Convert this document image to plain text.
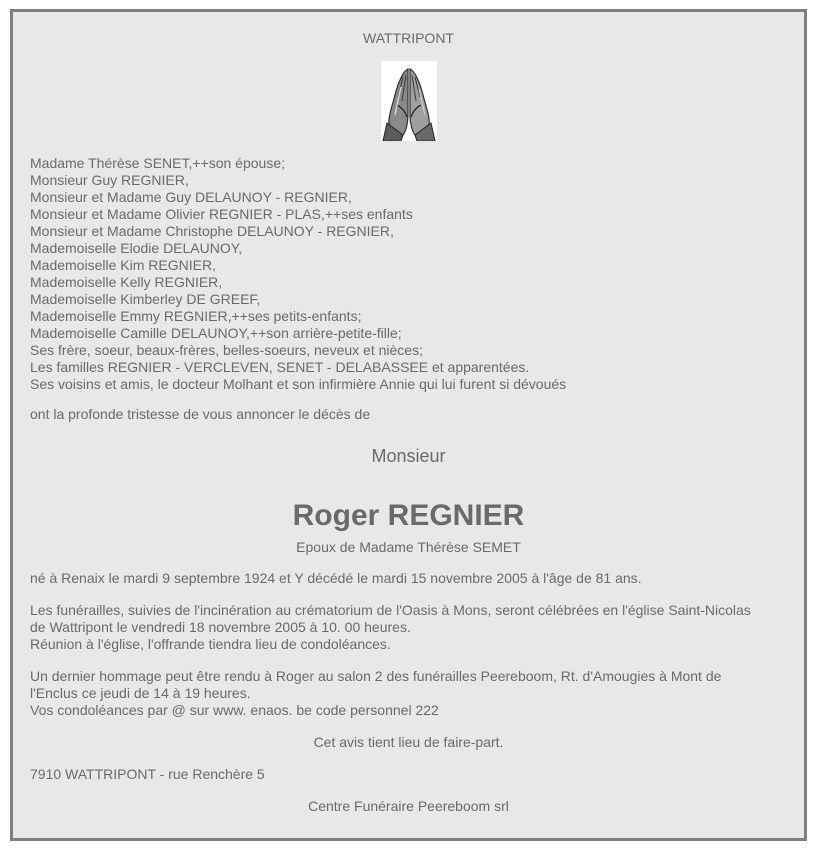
WATTRIPONT
Madame Thérèse SENET,++son épouse;
Monsieur Guy REGNIER,
Monsieur et Madame Guy DELAUNOY - REGNIER,
Monsieur et Madame Olivier REGNIER - PLAS,++ses enfants
Monsieur et Madame Christophe DELAUNOY - REGNIER,
Mademoiselle Elodie DELAUNOY,
Mademoiselle Kim REGNIER,
Mademoiselle Kelly REGNIER,
Mademoiselle Kimberley DE GREEF,
Mademoiselle Emmy REGNIER,++ses petits-enfants;
Mademoiselle Camille DELAUNOY,++son arrière-petite-fille;
Ses frère, soeur, beaux-frères, belles-soeurs, neveux et nièces;
Les familles REGNIER - VERCLEVEN, SENET - DELABASSEE et apparentées.
Ses voisins et amis, le docteur Molhant et son infirmière Annie qui lui furent si dévoués
ont la profonde tristesse de vous annoncer le décès de
Monsieur
Roger REGNIER
Epoux de Madame Thérèse SEMET
né à Renaix le mardi 9 septembre 1924 et Y décédé le mardi 15 novembre 2005 à l'âge de 81 ans.
Les funérailles, suivies de l'incinération au crématorium de l'Oasis à Mons, seront célébrées en l'église Saint-Nicolas
de Wattripont le vendredi 18 novembre 2005 à 10. 00 heures.
Réunion à l'église, l'offrande tiendra lieu de condoléances.
Un dernier hommage peut être rendu à Roger au salon 2 des funérailles Peereboom, Rt. d'Amougies à Mont de
l'Enclus ce jeudi de 14 à 19 heures.
Vos condoléances par @ sur www. enaos. be code personnel 222
Cet avis tient lieu de faire-part.
7910 WATTRIPONT - rue Renchère 5
Centre Funéraire Peereboom srl
